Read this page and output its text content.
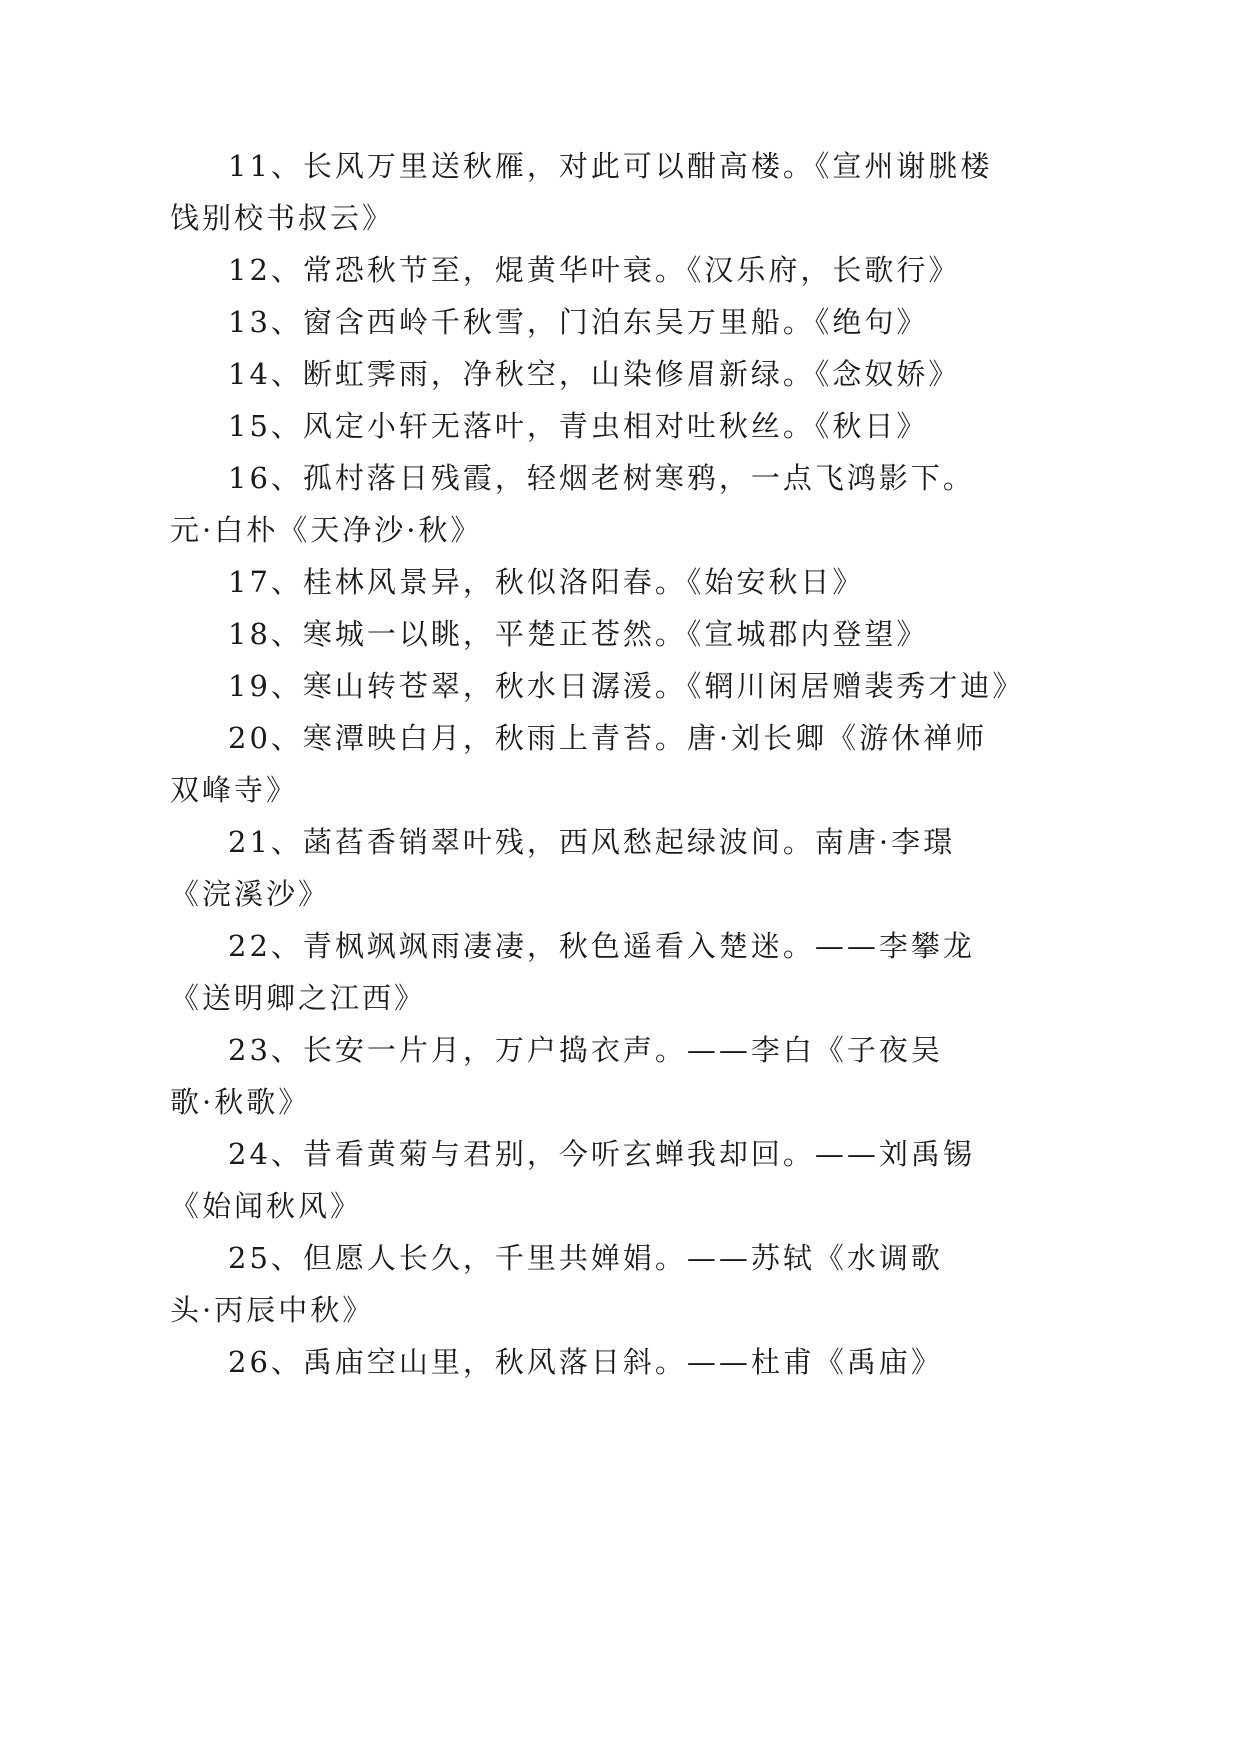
11、长风万里送秋雁，对此可以酣高楼。《宣州谢朓楼
饯别校书叔云》
12、常恐秋节至，焜黄华叶衰。《汉乐府，长歌行》
13、窗含西岭千秋雪，门泊东吴万里船。《绝句》
14、断虹霁雨，净秋空，山染修眉新绿。《念奴娇》
15、风定小轩无落叶，青虫相对吐秋丝。《秋日》
16、孤村落日残霞，轻烟老树寒鸦，一点飞鸿影下。
元·白朴《天净沙·秋》
17、桂林风景异，秋似洛阳春。《始安秋日》
18、寒城一以眺，平楚正苍然。《宣城郡内登望》
19、寒山转苍翠，秋水日潺湲。《辋川闲居赠裴秀才迪》
20、寒潭映白月，秋雨上青苔。唐·刘长卿《游休禅师
双峰寺》
21、菡萏香销翠叶残，西风愁起绿波间。南唐·李璟
《浣溪沙》
22、青枫飒飒雨凄凄，秋色遥看入楚迷。——李攀龙
《送明卿之江西》
23、长安一片月，万户捣衣声。——李白《子夜吴
歌·秋歌》
24、昔看黄菊与君别，今听玄蝉我却回。——刘禹锡
《始闻秋风》
25、但愿人长久，千里共婵娟。——苏轼《水调歌
头·丙辰中秋》
26、禹庙空山里，秋风落日斜。——杜甫《禹庙》
